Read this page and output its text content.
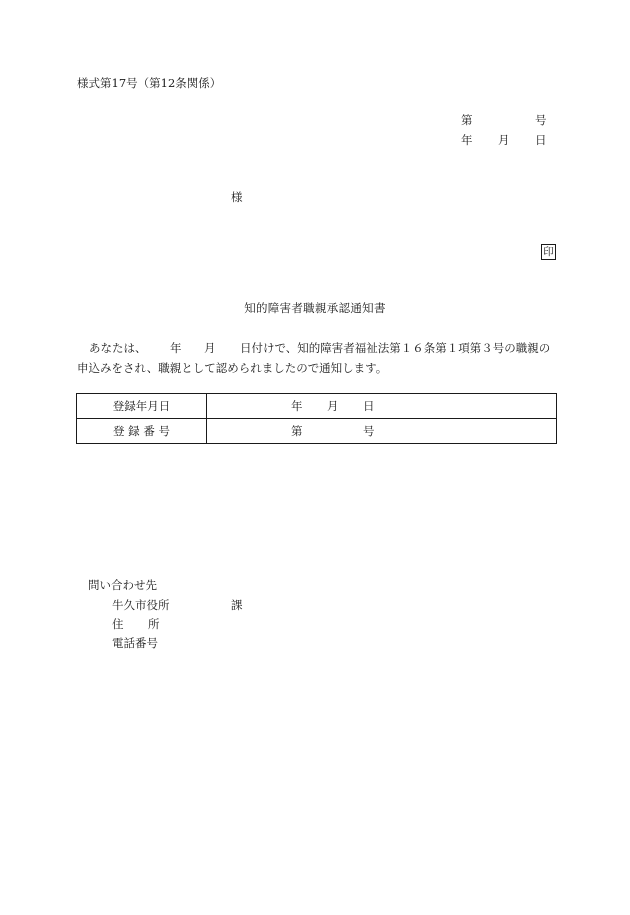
様式第17号（第12条関係）
第	号
年 月 日
様
印
知的障害者職親承認通知書

あなたは、 年 月 日付けで、知的障害者福祉法第１６条第１項第３号の職親の

申込みをされ、職親として認められましたので通知します。

登録年月日	年 月 日

登 録 番 号	第 号
問い合わせ先
牛久市役所	課
住 所
電話番号
